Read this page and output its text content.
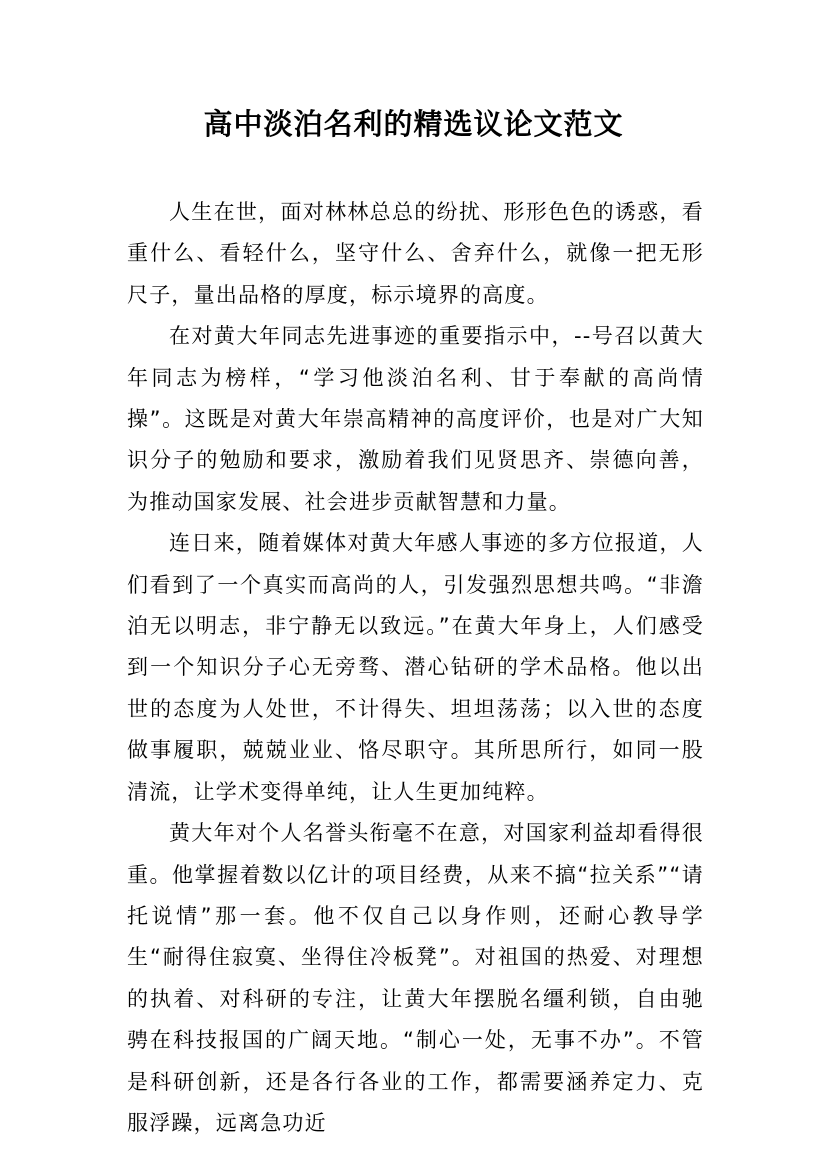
高中淡泊名利的精选议论文范文

人生在世，面对林林总总的纷扰、形形色色的诱惑，看重什么、看轻什么，坚守什么、舍弃什么，就像一把无形尺子，量出品格的厚度，标示境界的高度。

在对黄大年同志先进事迹的重要指示中，--号召以黄大年同志为榜样，“学习他淡泊名利、甘于奉献的高尚情操”。这既是对黄大年崇高精神的高度评价，也是对广大知识分子的勉励和要求，激励着我们见贤思齐、崇德向善，为推动国家发展、社会进步贡献智慧和力量。

连日来，随着媒体对黄大年感人事迹的多方位报道，人们看到了一个真实而高尚的人，引发强烈思想共鸣。“非澹泊无以明志，非宁静无以致远。”在黄大年身上，人们感受到一个知识分子心无旁骛、潜心钻研的学术品格。他以出世的态度为人处世，不计得失、坦坦荡荡；以入世的态度做事履职，兢兢业业、恪尽职守。其所思所行，如同一股清流，让学术变得单纯，让人生更加纯粹。

黄大年对个人名誉头衔毫不在意，对国家利益却看得很重。他掌握着数以亿计的项目经费，从来不搞“拉关系”“请托说情”那一套。他不仅自己以身作则，还耐心教导学生“耐得住寂寞、坐得住冷板凳”。对祖国的热爱、对理想的执着、对科研的专注，让黄大年摆脱名缰利锁，自由驰骋在科技报国的广阔天地。“制心一处，无事不办”。不管是科研创新，还是各行各业的工作，都需要涵养定力、克服浮躁，远离急功近
